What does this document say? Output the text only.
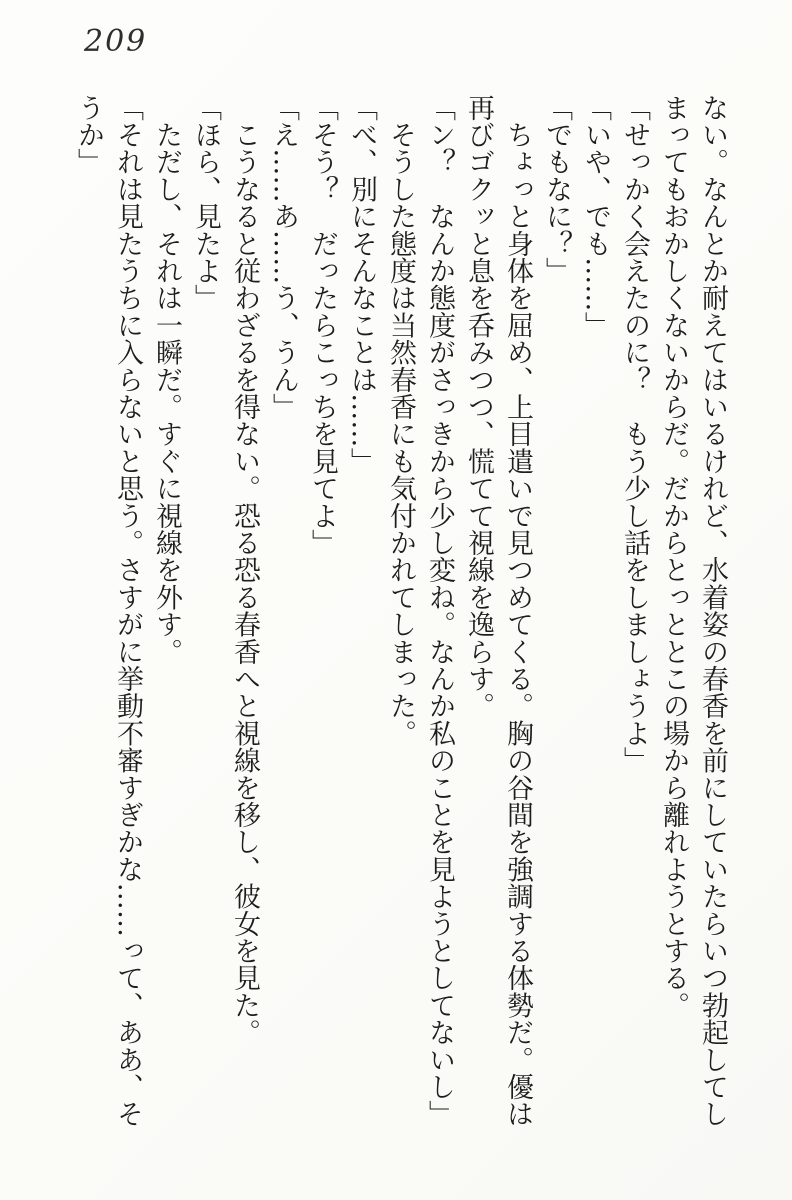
209

ない。なんとか耐えてはいるけれど、水着姿の春香を前にしていたらいつ勃起してしまってもおかしくないからだ。だからとっととこの場から離れようとする。

「せっかく会えたのに？　もう少し話をしましょうよ」

「いや、でも……」

「でもなに？」

　ちょっと身体を屈め、上目遣いで見つめてくる。胸の谷間を強調する体勢だ。優は再びゴクッと息を呑みつつ、慌てて視線を逸らす。

「ン？　なんか態度がさっきから少し変ね。なんか私のことを見ようとしてないし」

　そうした態度は当然春香にも気付かれてしまった。

「べ、別にそんなことは……」

「そう？　だったらこっちを見てよ」

「え……あ……う、うん」

　こうなると従わざるを得ない。恐る恐る春香へと視線を移し、彼女を見た。

「ほら、見たよ」

　ただし、それは一瞬だ。すぐに視線を外す。

「それは見たうちに入らないと思う。さすがに挙動不審すぎかな……って、ああ、そうか」
